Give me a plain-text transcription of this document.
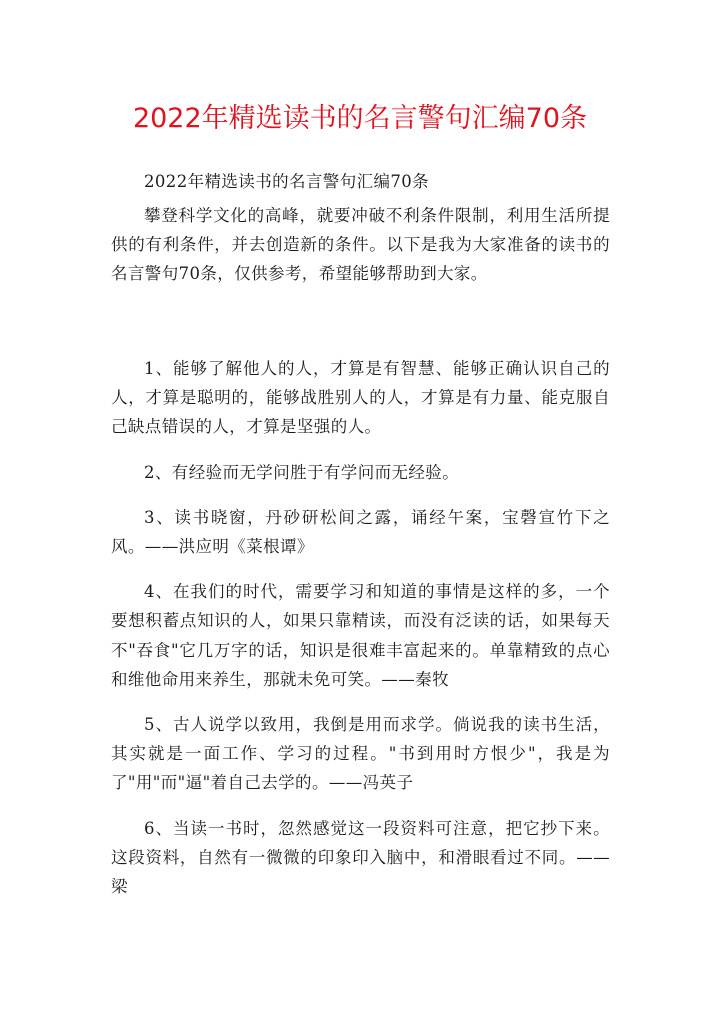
2022年精选读书的名言警句汇编70条

2022年精选读书的名言警句汇编70条

攀登科学文化的高峰，就要冲破不利条件限制，利用生活所提供的有利条件，并去创造新的条件。以下是我为大家准备的读书的名言警句70条，仅供参考，希望能够帮助到大家。

1、能够了解他人的人，才算是有智慧、能够正确认识自己的人，才算是聪明的，能够战胜别人的人，才算是有力量、能克服自己缺点错误的人，才算是坚强的人。

2、有经验而无学问胜于有学问而无经验。

3、读书晓窗，丹砂研松间之露，诵经午案，宝磬宣竹下之风。——洪应明《菜根谭》

4、在我们的时代，需要学习和知道的事情是这样的多，一个要想积蓄点知识的人，如果只靠精读，而没有泛读的话，如果每天不"吞食"它几万字的话，知识是很难丰富起来的。单靠精致的点心和维他命用来养生，那就未免可笑。——秦牧

5、古人说学以致用，我倒是用而求学。倘说我的读书生活，其实就是一面工作、学习的过程。"书到用时方恨少"，我是为了"用"而"逼"着自己去学的。——冯英子

6、当读一书时，忽然感觉这一段资料可注意，把它抄下来。这段资料，自然有一微微的印象印入脑中，和滑眼看过不同。——梁
